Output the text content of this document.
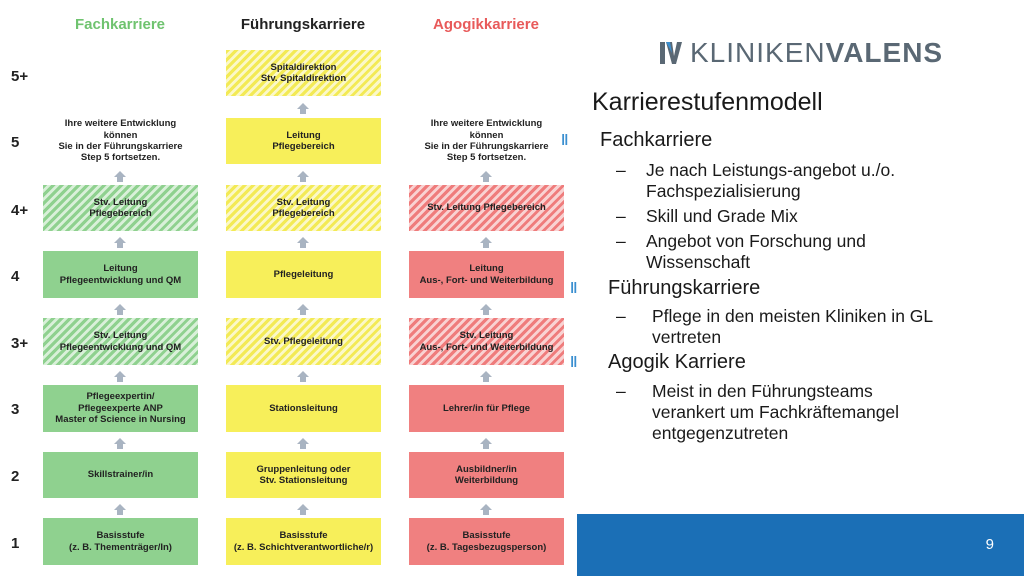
Fachkarriere	Führungskarriere	Agogikkarriere
5+
5
4+
4
3+
3
2
1
Ihre weitere Entwicklung können
Sie in der Führungskarriere
Step 5 fortsetzen.
Stv. Leitung
Pflegebereich
Leitung
Pflegeentwicklung und QM
Stv. Leitung
Pflegeentwicklung und QM
Pflegeexpertin/
Pflegeexperte ANP
Master of Science in Nursing
Skillstrainer/in
Basisstufe
(z. B. Thementräger/In)
Spitaldirektion
Stv. Spitaldirektion
Leitung
Pflegebereich
Stv. Leitung
Pflegebereich
Pflegeleitung
Stv. Pflegeleitung
Stationsleitung
Gruppenleitung oder
Stv. Stationsleitung
Basisstufe
(z. B. Schichtverantwortliche/r)
Ihre weitere Entwicklung können
Sie in der Führungskarriere
Step 5 fortsetzen.
Stv. Leitung Pflegebereich
Leitung
Aus-, Fort- und Weiterbildung
Stv. Leitung
Aus-, Fort- und Weiterbildung
Lehrer/in für Pflege
Ausbildner/in
Weiterbildung
Basisstufe
(z. B. Tagesbezugsperson)
KLINIKENVALENS
Karrierestufenmodell
‖ Fachkarriere
– Je nach Leistungs-angebot u./o.
Fachspezialisierung
– Skill und Grade Mix
– Angebot von Forschung und
Wissenschaft
‖ Führungskarriere
– Pflege in den meisten Kliniken in GL
vertreten
‖ Agogik Karriere
– Meist in den Führungsteams
verankert um Fachkräftemangel
entgegenzutreten
9
